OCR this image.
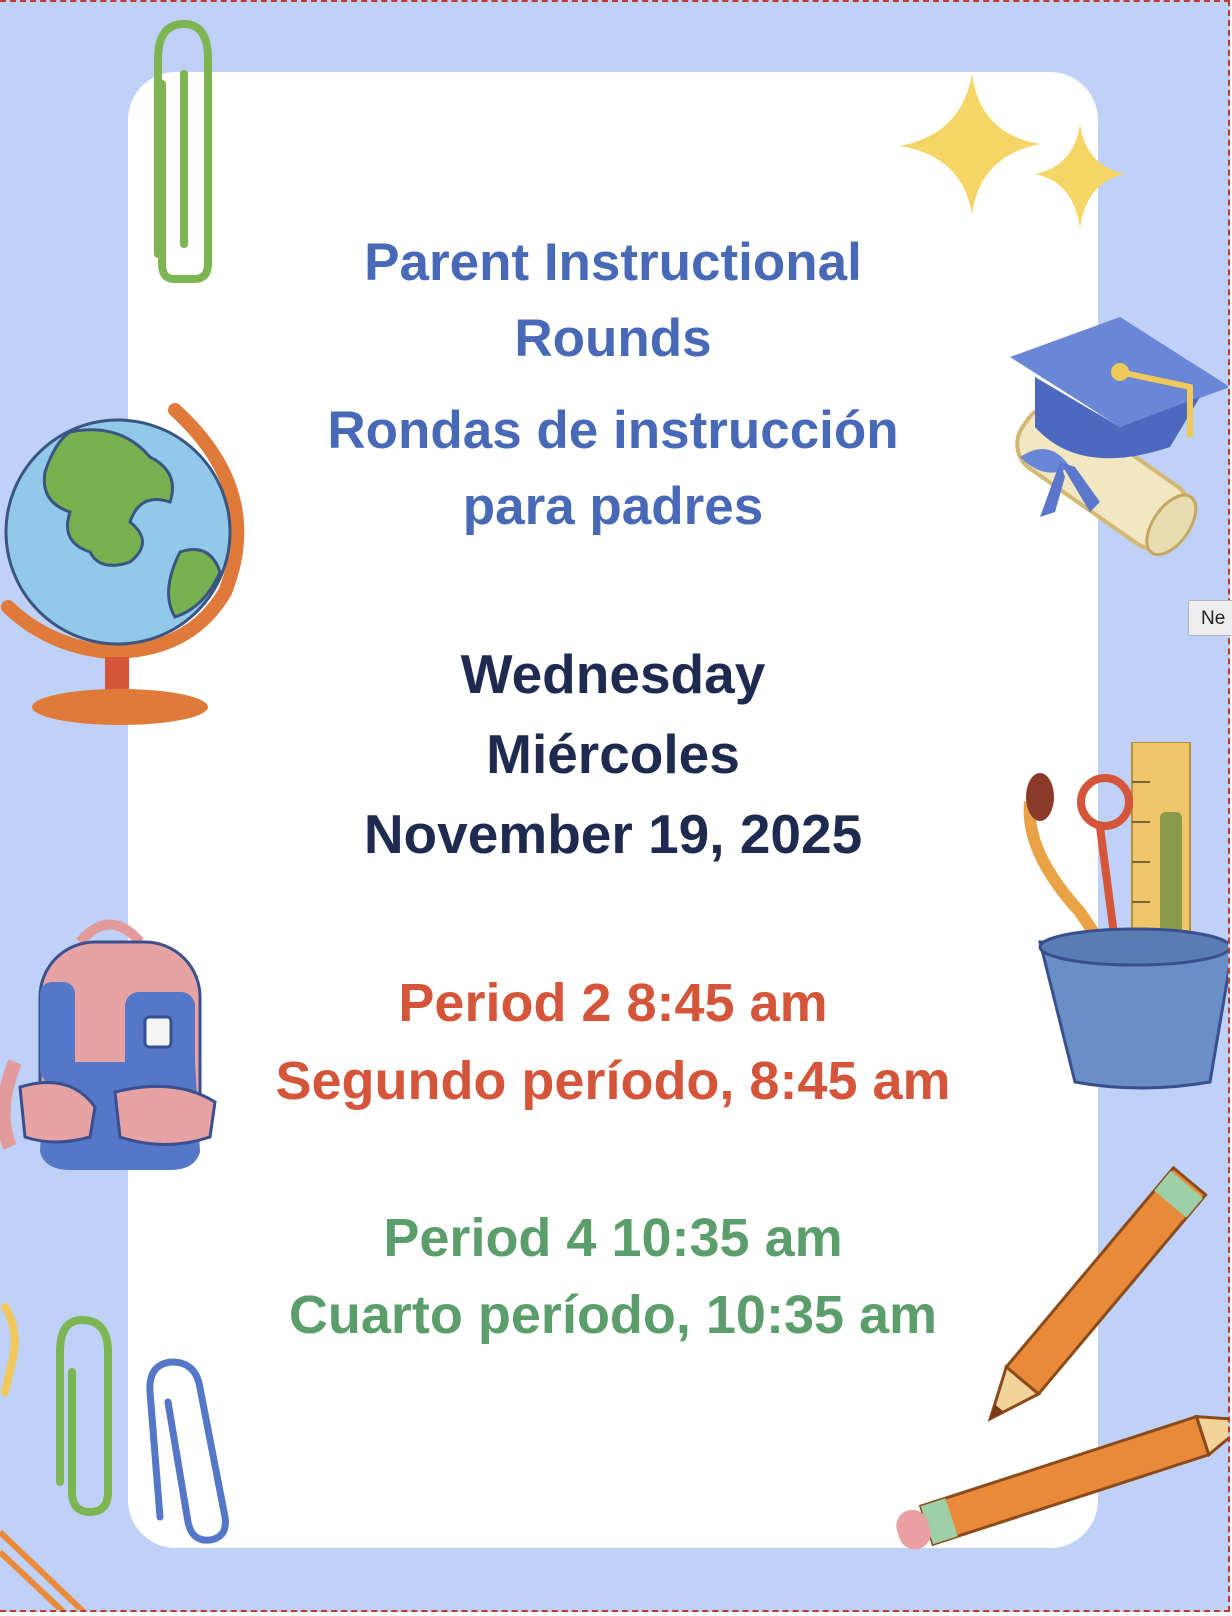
Parent Instructional
Rounds
Rondas de instrucción
para padres
Wednesday
Miércoles
November 19, 2025
Period 2 8:45 am
Segundo período, 8:45 am
Period 4 10:35 am
Cuarto período, 10:35 am
Ne
